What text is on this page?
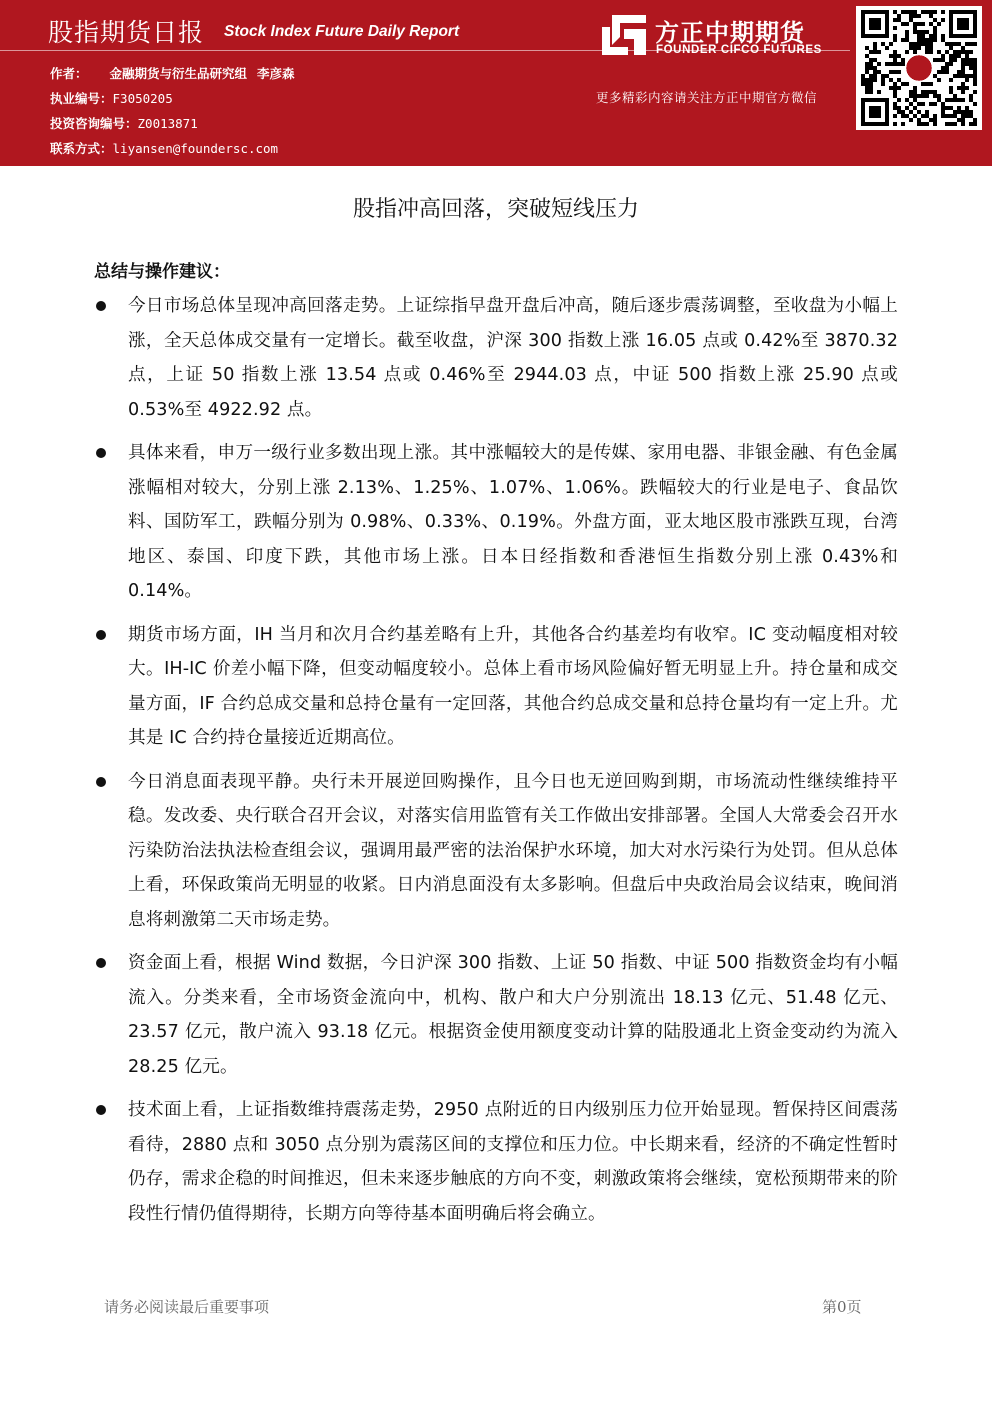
股指期货日报 Stock Index Future Daily Report
作者： 金融期货与衍生品研究组 李彦森
执业编号：F3050205
投资咨询编号：Z0013871
联系方式：liyansen@foundersc.com
方正中期期货
FOUNDER CIFCO FUTURES
更多精彩内容请关注方正中期官方微信
股指冲高回落，突破短线压力
总结与操作建议：
今日市场总体呈现冲高回落走势。上证综指早盘开盘后冲高，随后逐步震荡调整，至收盘为小幅上涨，全天总体成交量有一定增长。截至收盘，沪深 300 指数上涨 16.05 点或 0.42%至 3870.32 点，上证 50 指数上涨 13.54 点或 0.46%至 2944.03 点，中证 500 指数上涨 25.90 点或 0.53%至 4922.92 点。
具体来看，申万一级行业多数出现上涨。其中涨幅较大的是传媒、家用电器、非银金融、有色金属涨幅相对较大，分别上涨 2.13%、1.25%、1.07%、1.06%。跌幅较大的行业是电子、食品饮料、国防军工，跌幅分别为 0.98%、0.33%、0.19%。外盘方面，亚太地区股市涨跌互现，台湾地区、泰国、印度下跌，其他市场上涨。日本日经指数和香港恒生指数分别上涨 0.43%和 0.14%。
期货市场方面，IH 当月和次月合约基差略有上升，其他各合约基差均有收窄。IC 变动幅度相对较大。IH-IC 价差小幅下降，但变动幅度较小。总体上看市场风险偏好暂无明显上升。持仓量和成交量方面，IF 合约总成交量和总持仓量有一定回落，其他合约总成交量和总持仓量均有一定上升。尤其是 IC 合约持仓量接近近期高位。
今日消息面表现平静。央行未开展逆回购操作，且今日也无逆回购到期，市场流动性继续维持平稳。发改委、央行联合召开会议，对落实信用监管有关工作做出安排部署。全国人大常委会召开水污染防治法执法检查组会议，强调用最严密的法治保护水环境，加大对水污染行为处罚。但从总体上看，环保政策尚无明显的收紧。日内消息面没有太多影响。但盘后中央政治局会议结束，晚间消息将刺激第二天市场走势。
资金面上看，根据 Wind 数据，今日沪深 300 指数、上证 50 指数、中证 500 指数资金均有小幅流入。分类来看，全市场资金流向中，机构、散户和大户分别流出 18.13 亿元、51.48 亿元、23.57 亿元，散户流入 93.18 亿元。根据资金使用额度变动计算的陆股通北上资金变动约为流入 28.25 亿元。
技术面上看，上证指数维持震荡走势，2950 点附近的日内级别压力位开始显现。暂保持区间震荡看待，2880 点和 3050 点分别为震荡区间的支撑位和压力位。中长期来看，经济的不确定性暂时仍存，需求企稳的时间推迟，但未来逐步触底的方向不变，刺激政策将会继续，宽松预期带来的阶段性行情仍值得期待，长期方向等待基本面明确后将会确立。
请务必阅读最后重要事项	第0页
